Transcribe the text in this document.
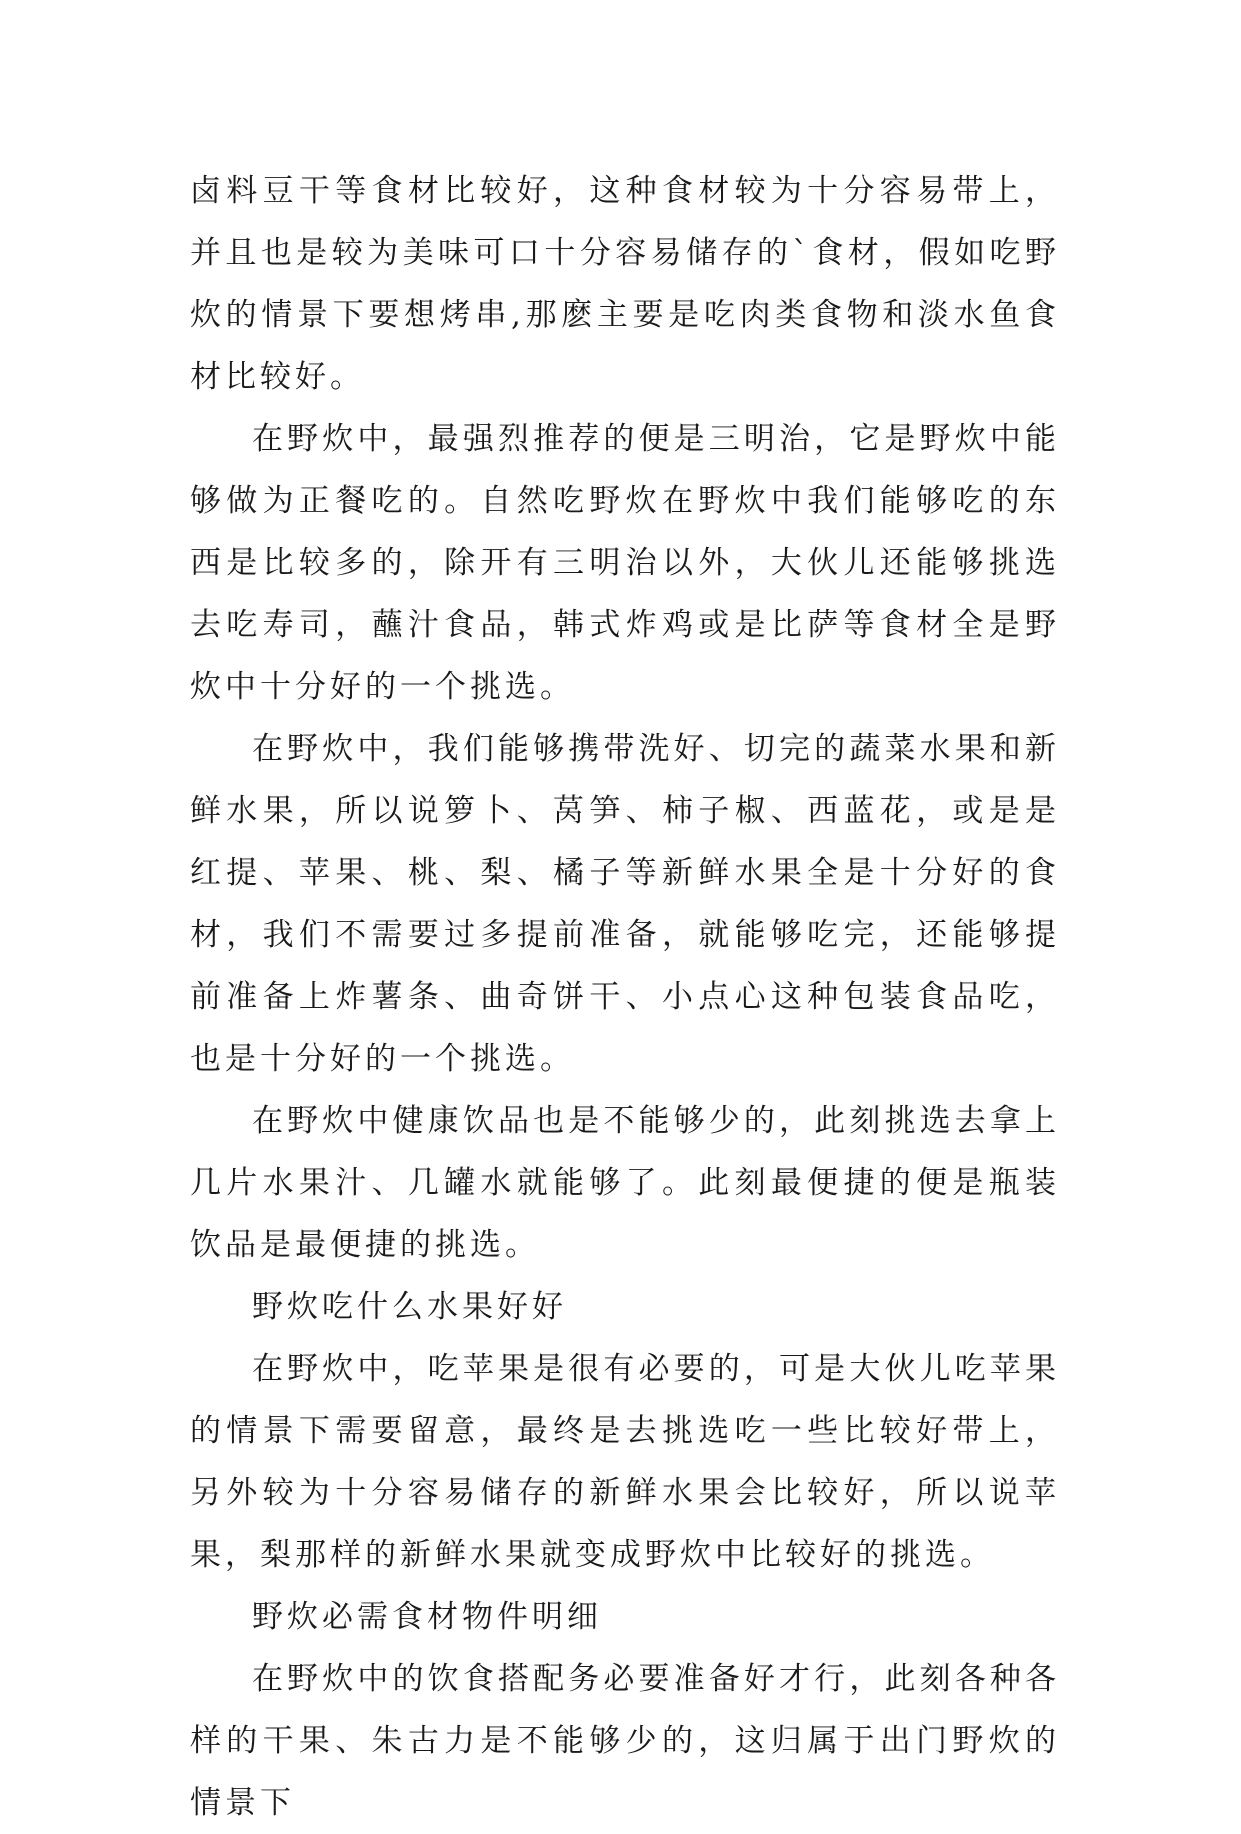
卤料豆干等食材比较好，这种食材较为十分容易带上，并且也是较为美味可口十分容易储存的`食材，假如吃野炊的情景下要想烤串,那麽主要是吃肉类食物和淡水鱼食材比较好。

在野炊中，最强烈推荐的便是三明治，它是野炊中能够做为正餐吃的。自然吃野炊在野炊中我们能够吃的东西是比较多的，除开有三明治以外，大伙儿还能够挑选去吃寿司，蘸汁食品，韩式炸鸡或是比萨等食材全是野炊中十分好的一个挑选。

在野炊中，我们能够携带洗好、切完的蔬菜水果和新鲜水果，所以说箩卜、莴笋、柿子椒、西蓝花，或是是红提、苹果、桃、梨、橘子等新鲜水果全是十分好的食材，我们不需要过多提前准备，就能够吃完，还能够提前准备上炸薯条、曲奇饼干、小点心这种包装食品吃，也是十分好的一个挑选。

在野炊中健康饮品也是不能够少的，此刻挑选去拿上几片水果汁、几罐水就能够了。此刻最便捷的便是瓶装饮品是最便捷的挑选。

野炊吃什么水果好好

在野炊中，吃苹果是很有必要的，可是大伙儿吃苹果的情景下需要留意，最终是去挑选吃一些比较好带上，另外较为十分容易储存的新鲜水果会比较好，所以说苹果，梨那样的新鲜水果就变成野炊中比较好的挑选。

野炊必需食材物件明细

在野炊中的饮食搭配务必要准备好才行，此刻各种各样的干果、朱古力是不能够少的，这归属于出门野炊的情景下
